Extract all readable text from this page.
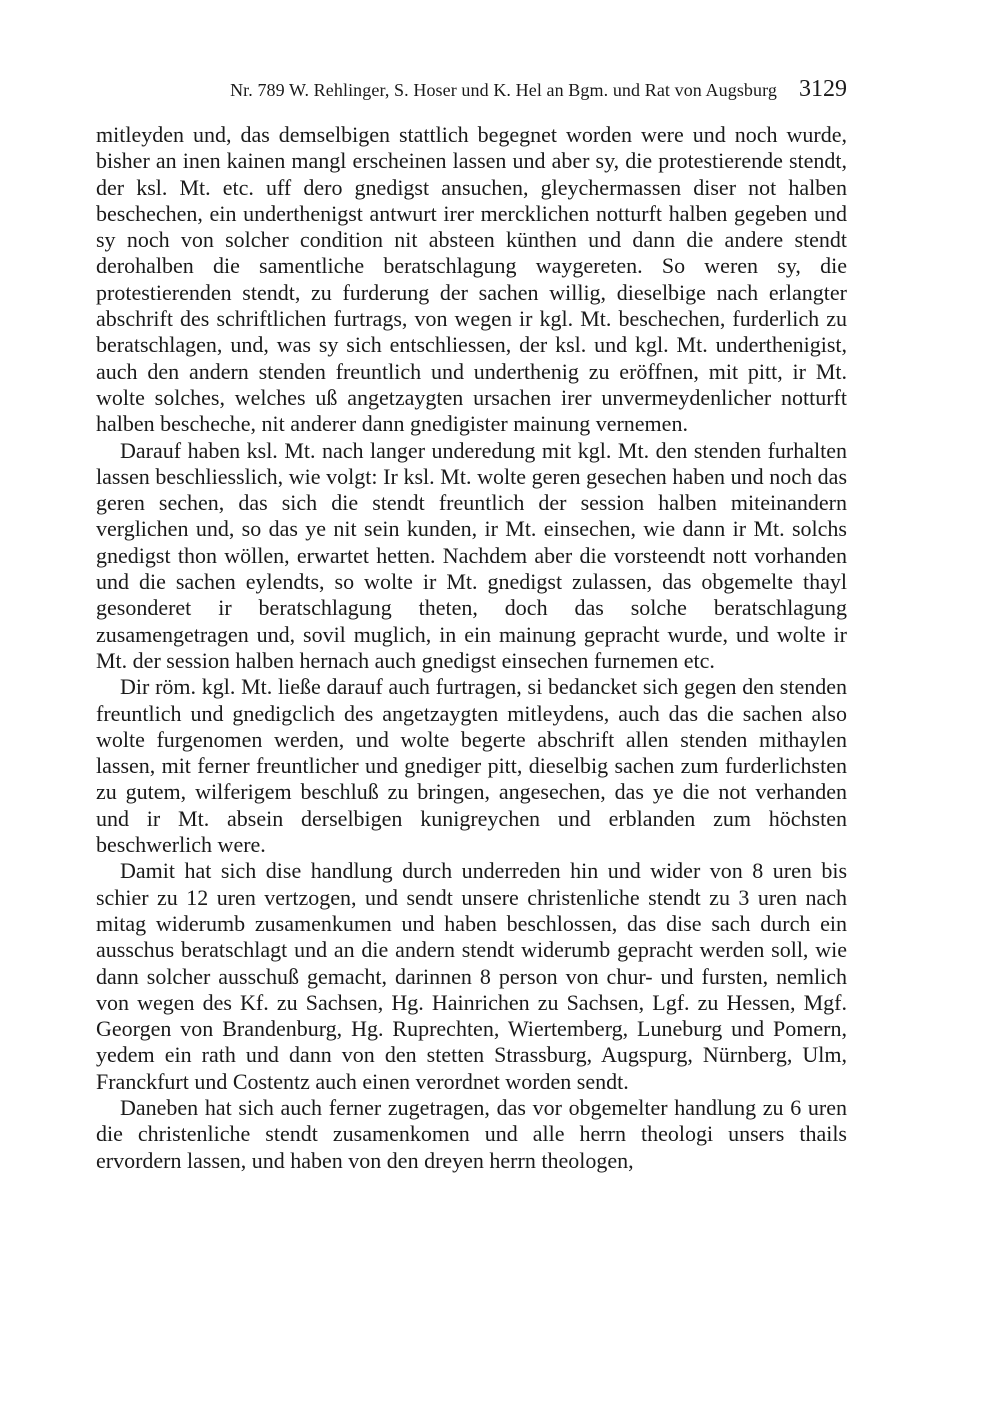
Nr. 789 W. Rehlinger, S. Hoser und K. Hel an Bgm. und Rat von Augsburg 3129

mitleyden und, das demselbigen stattlich begegnet worden were und noch wurde, bisher an inen kainen mangl erscheinen lassen und aber sy, die protestierende stendt, der ksl. Mt. etc. uff dero gnedigst ansuchen, gleychermassen diser not halben beschechen, ein underthenigst antwurt irer mercklichen notturft halben gegeben und sy noch von solcher condition nit absteen künthen und dann die andere stendt derohalben die samentliche beratschlagung waygereten. So weren sy, die protestierenden stendt, zu furderung der sachen willig, dieselbige nach erlangter abschrift des schriftlichen furtrags, von wegen ir kgl. Mt. beschechen, furderlich zu beratschlagen, und, was sy sich entschliessen, der ksl. und kgl. Mt. underthenigist, auch den andern stenden freuntlich und underthenig zu eröffnen, mit pitt, ir Mt. wolte solches, welches uß angetzaygten ursachen irer unvermeydenlicher notturft halben bescheche, nit anderer dann gnedigister mainung vernemen.

Darauf haben ksl. Mt. nach langer underedung mit kgl. Mt. den stenden furhalten lassen beschliesslich, wie volgt: Ir ksl. Mt. wolte geren gesechen haben und noch das geren sechen, das sich die stendt freuntlich der session halben miteinandern verglichen und, so das ye nit sein kunden, ir Mt. einsechen, wie dann ir Mt. solchs gnedigst thon wöllen, erwartet hetten. Nachdem aber die vorsteendt nott vorhanden und die sachen eylendts, so wolte ir Mt. gnedigst zulassen, das obgemelte thayl gesonderet ir beratschlagung theten, doch das solche beratschlagung zusamengetragen und, sovil muglich, in ein mainung gepracht wurde, und wolte ir Mt. der session halben hernach auch gnedigst einsechen furnemen etc.

Dir röm. kgl. Mt. ließe darauf auch furtragen, si bedancket sich gegen den stenden freuntlich und gnedigclich des angetzaygten mitleydens, auch das die sachen also wolte furgenomen werden, und wolte begerte abschrift allen stenden mithaylen lassen, mit ferner freuntlicher und gnediger pitt, dieselbig sachen zum furderlichsten zu gutem, wilferigem beschluß zu bringen, angesechen, das ye die not verhanden und ir Mt. absein derselbigen kunigreychen und erblanden zum höchsten beschwerlich were.

Damit hat sich dise handlung durch underreden hin und wider von 8 uren bis schier zu 12 uren vertzogen, und sendt unsere christenliche stendt zu 3 uren nach mitag widerumb zusamenkumen und haben beschlossen, das dise sach durch ein ausschus beratschlagt und an die andern stendt widerumb gepracht werden soll, wie dann solcher ausschuß gemacht, darinnen 8 person von chur- und fursten, nemlich von wegen des Kf. zu Sachsen, Hg. Hainrichen zu Sachsen, Lgf. zu Hessen, Mgf. Georgen von Brandenburg, Hg. Ruprechten, Wiertemberg, Luneburg und Pomern, yedem ein rath und dann von den stetten Strassburg, Augspurg, Nürnberg, Ulm, Franckfurt und Costentz auch einen verordnet worden sendt.

Daneben hat sich auch ferner zugetragen, das vor obgemelter handlung zu 6 uren die christenliche stendt zusamenkomen und alle herrn theologi unsers thails ervordern lassen, und haben von den dreyen herrn theologen,
